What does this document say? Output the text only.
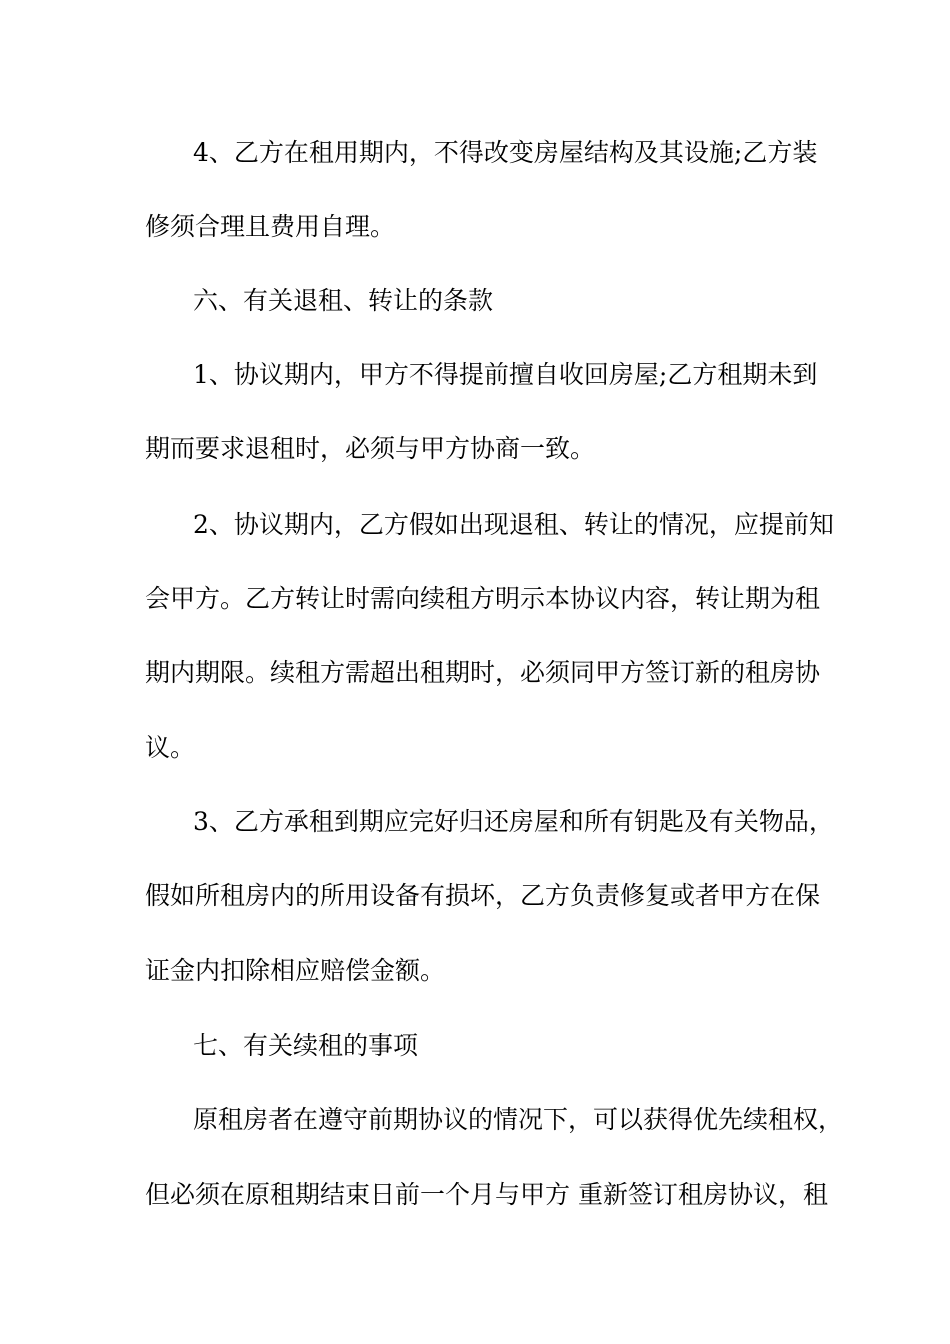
4、乙方在租用期内，不得改变房屋结构及其设施;乙方装
修须合理且费用自理。
六、有关退租、转让的条款
1、协议期内，甲方不得提前擅自收回房屋;乙方租期未到
期而要求退租时，必须与甲方协商一致。
2、协议期内，乙方假如出现退租、转让的情况，应提前知
会甲方。乙方转让时需向续租方明示本协议内容，转让期为租
期内期限。续租方需超出租期时，必须同甲方签订新的租房协
议。
3、乙方承租到期应完好归还房屋和所有钥匙及有关物品，
假如所租房内的所用设备有损坏，乙方负责修复或者甲方在保
证金内扣除相应赔偿金额。
七、有关续租的事项
原租房者在遵守前期协议的情况下，可以获得优先续租权，
但必须在原租期结束日前一个月与甲方 重新签订租房协议，租
